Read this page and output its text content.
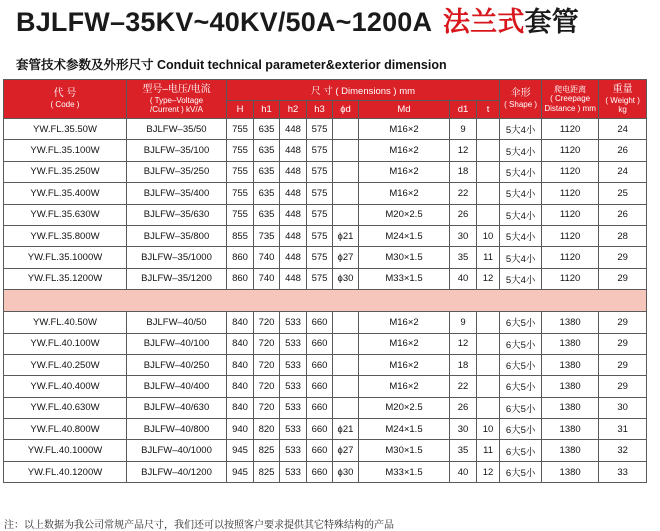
BJLFW–35KV~40KV/50A~1200A 法兰式套管
套管技术参数及外形尺寸 Conduit technical parameter&exterior dimension
代 号
( Code )	型号–电压/电流
( Type–Voltage
/Current ) kV/A	尺 寸 ( Dimensions ) mm								伞形
( Shape )	爬电距离
( Creepage
Distance ) mm	重量
( Weight )
kg

		H	h1	h2	h3	ϕd	Md	d1	t			
YW.FL.35.50W	BJLFW–35/50	755	635	448	575		M16×2	9		5大4小	1120	24
YW.FL.35.100W	BJLFW–35/100	755	635	448	575		M16×2	12		5大4小	1120	26
YW.FL.35.250W	BJLFW–35/250	755	635	448	575		M16×2	18		5大4小	1120	24
YW.FL.35.400W	BJLFW–35/400	755	635	448	575		M16×2	22		5大4小	1120	25
YW.FL.35.630W	BJLFW–35/630	755	635	448	575		M20×2.5	26		5大4小	1120	26
YW.FL.35.800W	BJLFW–35/800	855	735	448	575	ϕ21	M24×1.5	30	10	5大4小	1120	28
YW.FL.35.1000W	BJLFW–35/1000	860	740	448	575	ϕ27	M30×1.5	35	11	5大4小	1120	29
YW.FL.35.1200W	BJLFW–35/1200	860	740	448	575	ϕ30	M33×1.5	40	12	5大4小	1120	29

YW.FL.40.50W	BJLFW–40/50	840	720	533	660		M16×2	9		6大5小	1380	29
YW.FL.40.100W	BJLFW–40/100	840	720	533	660		M16×2	12		6大5小	1380	29
YW.FL.40.250W	BJLFW–40/250	840	720	533	660		M16×2	18		6大5小	1380	29
YW.FL.40.400W	BJLFW–40/400	840	720	533	660		M16×2	22		6大5小	1380	29
YW.FL.40.630W	BJLFW–40/630	840	720	533	660		M20×2.5	26		6大5小	1380	30
YW.FL.40.800W	BJLFW–40/800	940	820	533	660	ϕ21	M24×1.5	30	10	6大5小	1380	31
YW.FL.40.1000W	BJLFW–40/1000	945	825	533	660	ϕ27	M30×1.5	35	11	6大5小	1380	32
YW.FL.40.1200W	BJLFW–40/1200	945	825	533	660	ϕ30	M33×1.5	40	12	6大5小	1380	33
注：以上数据为我公司常规产品尺寸，我们还可以按照客户要求提供其它特殊结构的产品
